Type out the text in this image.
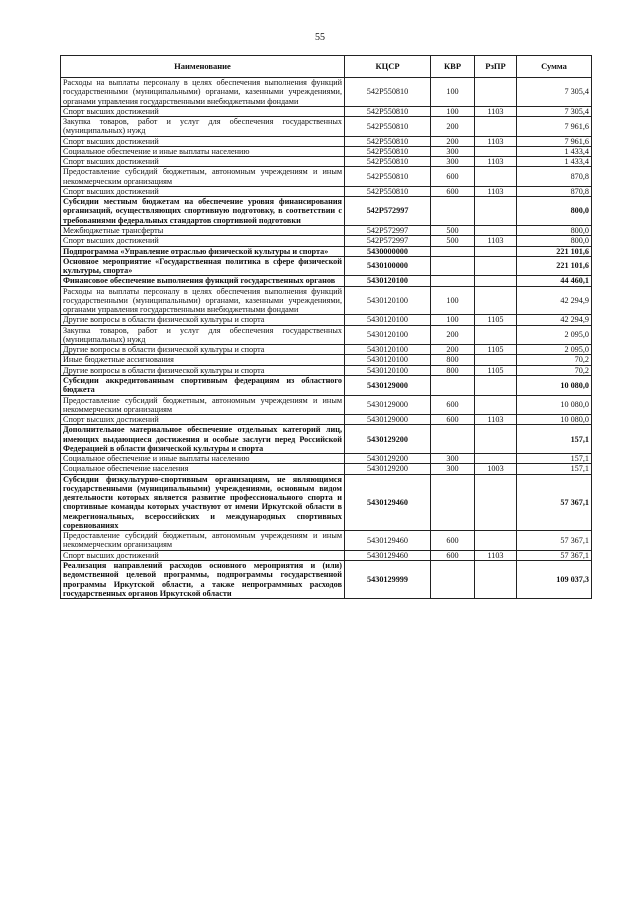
55
Наименование	КЦСР	КВР	РзПР	Сумма
Расходы на выплаты персоналу в целях обеспечения выполнения функций государственными (муниципальными) органами, казенными учреждениями, органами управления государственными внебюджетными фондами	542P550810	100		7 305,4
Спорт высших достижений	542P550810	100	1103	7 305,4
Закупка товаров, работ и услуг для обеспечения государственных (муниципальных) нужд	542P550810	200		7 961,6
Спорт высших достижений	542P550810	200	1103	7 961,6
Социальное обеспечение и иные выплаты населению	542P550810	300		1 433,4
Спорт высших достижений	542P550810	300	1103	1 433,4
Предоставление субсидий бюджетным, автономным учреждениям и иным некоммерческим организациям	542P550810	600		870,8
Спорт высших достижений	542P550810	600	1103	870,8
Субсидии местным бюджетам на обеспечение уровня финансирования организаций, осуществляющих спортивную подготовку, в соответствии с требованиями федеральных стандартов спортивной подготовки	542P572997			800,0
Межбюджетные трансферты	542P572997	500		800,0
Спорт высших достижений	542P572997	500	1103	800,0
Подпрограмма «Управление отраслью физической культуры и спорта»	5430000000			221 101,6
Основное мероприятие «Государственная политика в сфере физической культуры, спорта»	5430100000			221 101,6
Финансовое обеспечение выполнения функций государственных органов	5430120100			44 460,1
Расходы на выплаты персоналу в целях обеспечения выполнения функций государственными (муниципальными) органами, казенными учреждениями, органами управления государственными внебюджетными фондами	5430120100	100		42 294,9
Другие вопросы в области физической культуры и спорта	5430120100	100	1105	42 294,9
Закупка товаров, работ и услуг для обеспечения государственных (муниципальных) нужд	5430120100	200		2 095,0
Другие вопросы в области физической культуры и спорта	5430120100	200	1105	2 095,0
Иные бюджетные ассигнования	5430120100	800		70,2
Другие вопросы в области физической культуры и спорта	5430120100	800	1105	70,2
Субсидии аккредитованным спортивным федерациям из областного бюджета	5430129000			10 080,0
Предоставление субсидий бюджетным, автономным учреждениям и иным некоммерческим организациям	5430129000	600		10 080,0
Спорт высших достижений	5430129000	600	1103	10 080,0
Дополнительное материальное обеспечение отдельных категорий лиц, имеющих выдающиеся достижения и особые заслуги перед Российской Федерацией в области физической культуры и спорта	5430129200			157,1
Социальное обеспечение и иные выплаты населению	5430129200	300		157,1
Социальное обеспечение населения	5430129200	300	1003	157,1
Субсидии физкультурно-спортивным организациям, не являющимся государственными (муниципальными) учреждениями, основным видом деятельности которых является развитие профессионального спорта и спортивные команды которых участвуют от имени Иркутской области в межрегиональных, всероссийских и международных спортивных соревнованиях	5430129460			57 367,1
Предоставление субсидий бюджетным, автономным учреждениям и иным некоммерческим организациям	5430129460	600		57 367,1
Спорт высших достижений	5430129460	600	1103	57 367,1
Реализация направлений расходов основного мероприятия и (или) ведомственной целевой программы, подпрограммы государственной программы Иркутской области, а также непрограммных расходов государственных органов Иркутской области	5430129999			109 037,3
